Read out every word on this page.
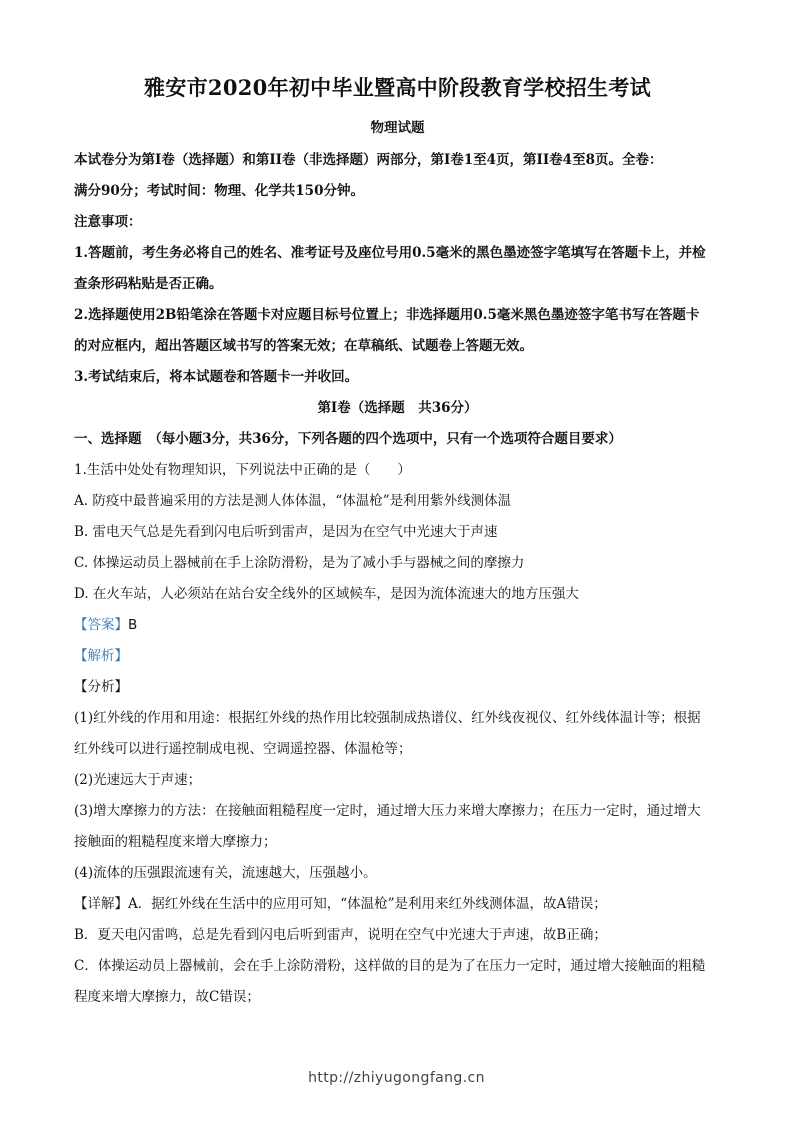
雅安市2020年初中毕业暨高中阶段教育学校招生考试
物理试题

本试卷分为第I卷（选择题）和第II卷（非选择题）两部分，第I卷1至4页，第II卷4至8页。全卷：

满分90分；考试时间：物理、化学共150分钟。

注意事项：

1.答题前，考生务必将自己的姓名、准考证号及座位号用0.5毫米的黑色墨迹签字笔填写在答题卡上，并检

查条形码粘贴是否正确。

2.选择题使用2B铅笔涂在答题卡对应题目标号位置上；非选择题用0.5毫米黑色墨迹签字笔书写在答题卡

的对应框内，超出答题区域书写的答案无效；在草稿纸、试题卷上答题无效。

3.考试结束后，将本试题卷和答题卡一并收回。

第I卷（选择题　共36分）

一、选择题　（每小题3分，共36分，下列各题的四个选项中，只有一个选项符合题目要求）

1.生活中处处有物理知识，下列说法中正确的是（　　）

A. 防疫中最普遍采用的方法是测人体体温，“体温枪”是利用紫外线测体温

B. 雷电天气总是先看到闪电后听到雷声，是因为在空气中光速大于声速

C. 体操运动员上器械前在手上涂防滑粉，是为了减小手与器械之间的摩擦力

D. 在火车站，人必须站在站台安全线外的区域候车，是因为流体流速大的地方压强大

【答案】B

【解析】

【分析】

(1)红外线的作用和用途：根据红外线的热作用比较强制成热谱仪、红外线夜视仪、红外线体温计等；根据

红外线可以进行遥控制成电视、空调遥控器、体温枪等；

(2)光速远大于声速；

(3)增大摩擦力的方法：在接触面粗糙程度一定时，通过增大压力来增大摩擦力；在压力一定时，通过增大

接触面的粗糙程度来增大摩擦力；

(4)流体的压强跟流速有关，流速越大，压强越小。

【详解】A．据红外线在生活中的应用可知，“体温枪”是利用来红外线测体温，故A错误；

B．夏天电闪雷鸣，总是先看到闪电后听到雷声，说明在空气中光速大于声速，故B正确；

C．体操运动员上器械前，会在手上涂防滑粉，这样做的目的是为了在压力一定时，通过增大接触面的粗糙

程度来增大摩擦力，故C错误；

http://zhiyugongfang.cn
